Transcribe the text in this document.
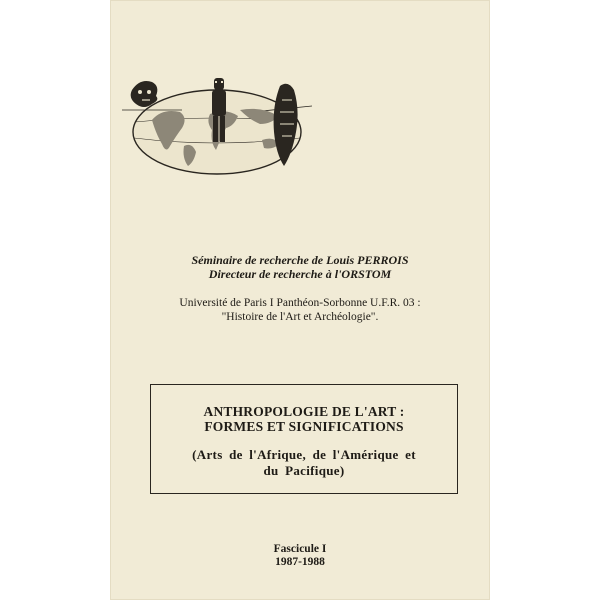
Séminaire de recherche de Louis PERROIS
Directeur de recherche à l'ORSTOM
Université de Paris I Panthéon-Sorbonne U.F.R. 03 :
"Histoire de l'Art et Archéologie".
ANTHROPOLOGIE DE L'ART :
FORMES ET SIGNIFICATIONS
(Arts de l'Afrique, de l'Amérique et
du Pacifique)
Fascicule I
1987-1988
